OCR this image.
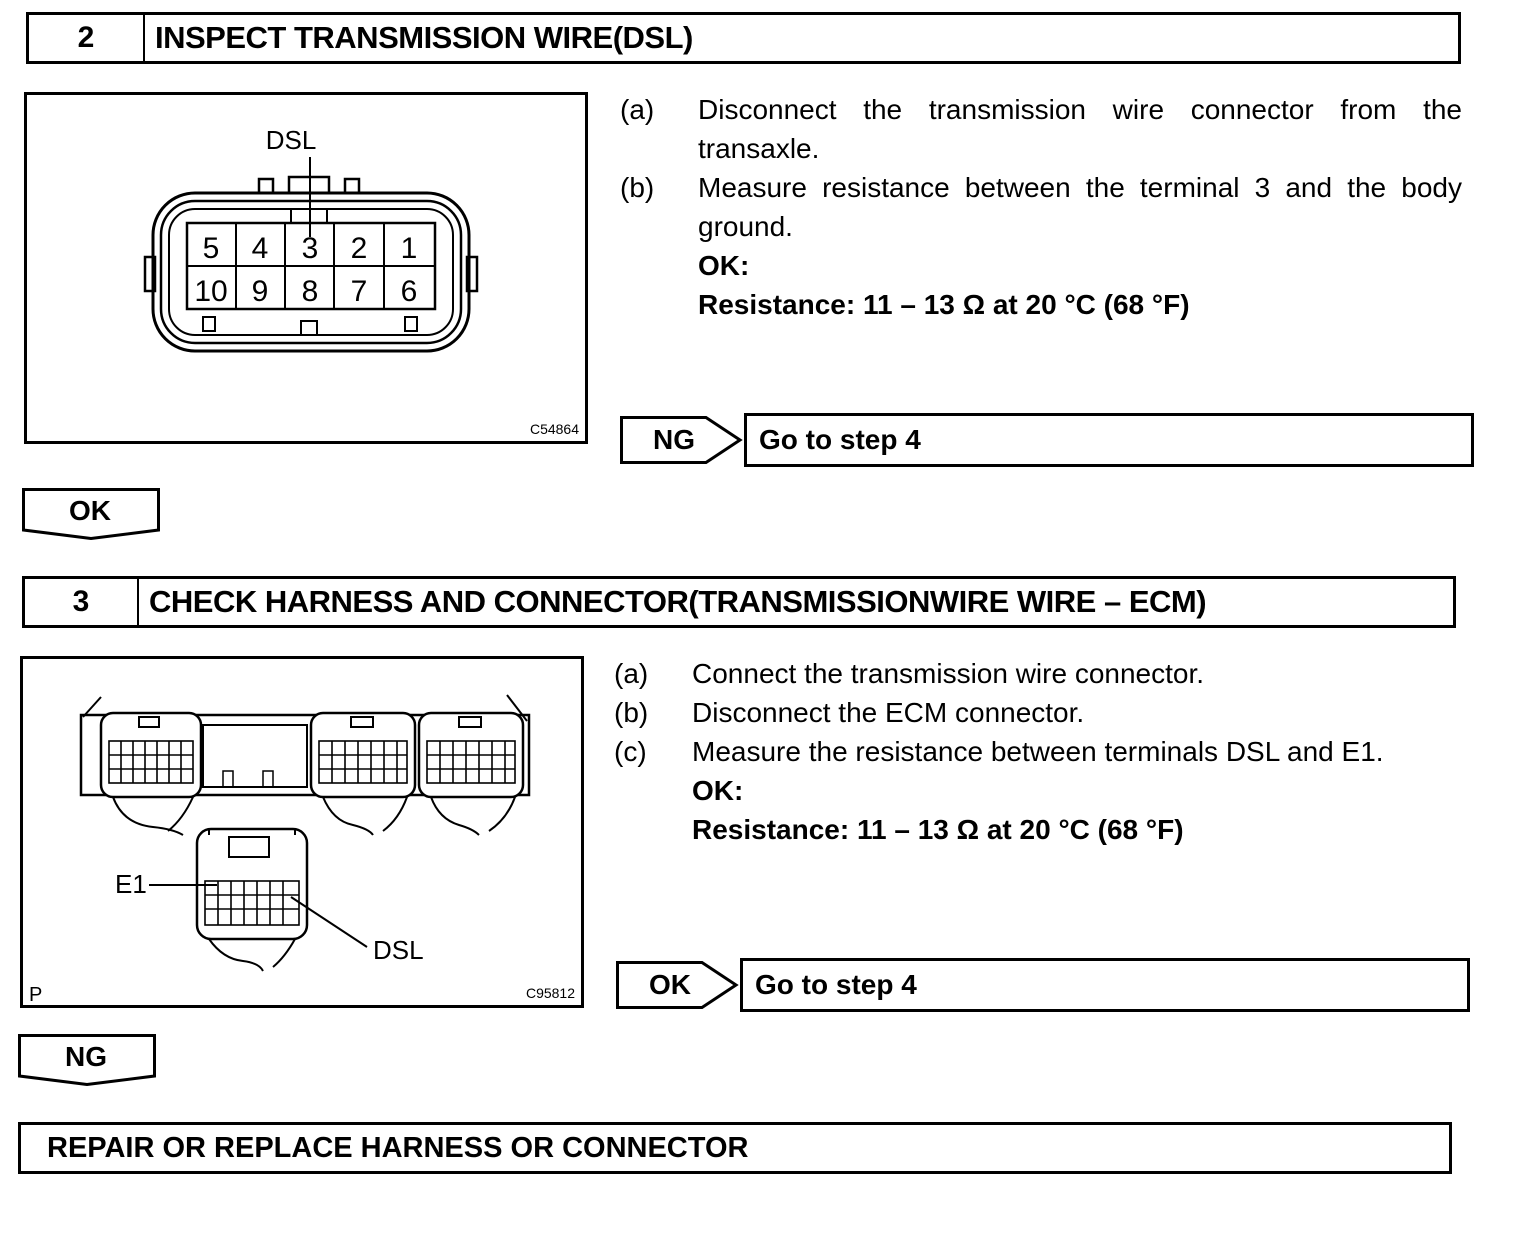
2	INSPECT TRANSMISSION WIRE(DSL)
DSL
5 4 3 2 1
10 9 8 7 6
C54864
(a)	Disconnect the transmission wire connector from the transaxle.
(b)	Measure resistance between the terminal 3 and the body ground.
OK:
Resistance: 11 – 13 Ω at 20 °C (68 °F)
NG	Go to step 4
OK
3	CHECK HARNESS AND CONNECTOR(TRANSMISSIONWIRE WIRE – ECM)
E1
DSL
P	C95812
(a)	Connect the transmission wire connector.
(b)	Disconnect the ECM connector.
(c)	Measure the resistance between terminals DSL and E1.
OK:
Resistance: 11 – 13 Ω at 20 °C (68 °F)
OK	Go to step 4
NG
REPAIR OR REPLACE HARNESS OR CONNECTOR
